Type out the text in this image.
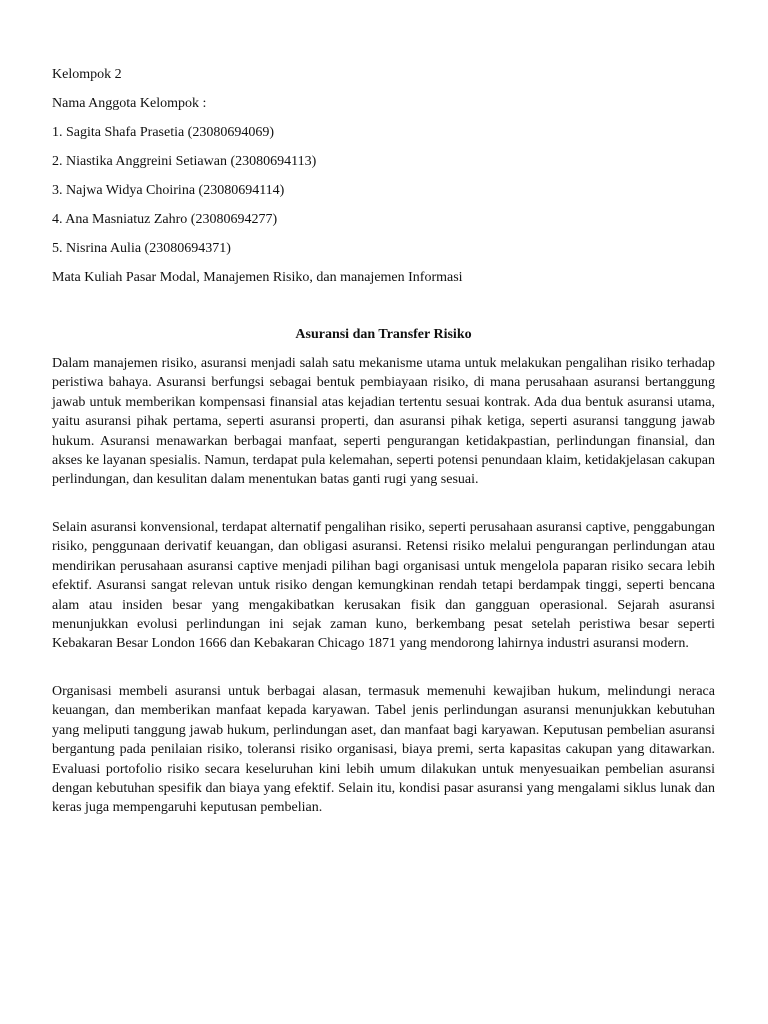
Kelompok 2
Nama Anggota Kelompok :
1. Sagita Shafa Prasetia (23080694069)
2. Niastika Anggreini Setiawan (23080694113)
3. Najwa Widya Choirina (23080694114)
4. Ana Masniatuz Zahro (23080694277)
5. Nisrina Aulia (23080694371)
Mata Kuliah Pasar Modal, Manajemen Risiko, dan manajemen Informasi
Asuransi dan Transfer Risiko

Dalam manajemen risiko, asuransi menjadi salah satu mekanisme utama untuk melakukan pengalihan risiko terhadap peristiwa bahaya. Asuransi berfungsi sebagai bentuk pembiayaan risiko, di mana perusahaan asuransi bertanggung jawab untuk memberikan kompensasi finansial atas kejadian tertentu sesuai kontrak. Ada dua bentuk asuransi utama, yaitu asuransi pihak pertama, seperti asuransi properti, dan asuransi pihak ketiga, seperti asuransi tanggung jawab hukum. Asuransi menawarkan berbagai manfaat, seperti pengurangan ketidakpastian, perlindungan finansial, dan akses ke layanan spesialis. Namun, terdapat pula kelemahan, seperti potensi penundaan klaim, ketidakjelasan cakupan perlindungan, dan kesulitan dalam menentukan batas ganti rugi yang sesuai.

Selain asuransi konvensional, terdapat alternatif pengalihan risiko, seperti perusahaan asuransi captive, penggabungan risiko, penggunaan derivatif keuangan, dan obligasi asuransi. Retensi risiko melalui pengurangan perlindungan atau mendirikan perusahaan asuransi captive menjadi pilihan bagi organisasi untuk mengelola paparan risiko secara lebih efektif. Asuransi sangat relevan untuk risiko dengan kemungkinan rendah tetapi berdampak tinggi, seperti bencana alam atau insiden besar yang mengakibatkan kerusakan fisik dan gangguan operasional. Sejarah asuransi menunjukkan evolusi perlindungan ini sejak zaman kuno, berkembang pesat setelah peristiwa besar seperti Kebakaran Besar London 1666 dan Kebakaran Chicago 1871 yang mendorong lahirnya industri asuransi modern.

Organisasi membeli asuransi untuk berbagai alasan, termasuk memenuhi kewajiban hukum, melindungi neraca keuangan, dan memberikan manfaat kepada karyawan. Tabel jenis perlindungan asuransi menunjukkan kebutuhan yang meliputi tanggung jawab hukum, perlindungan aset, dan manfaat bagi karyawan. Keputusan pembelian asuransi bergantung pada penilaian risiko, toleransi risiko organisasi, biaya premi, serta kapasitas cakupan yang ditawarkan. Evaluasi portofolio risiko secara keseluruhan kini lebih umum dilakukan untuk menyesuaikan pembelian asuransi dengan kebutuhan spesifik dan biaya yang efektif. Selain itu, kondisi pasar asuransi yang mengalami siklus lunak dan keras juga mempengaruhi keputusan pembelian.
